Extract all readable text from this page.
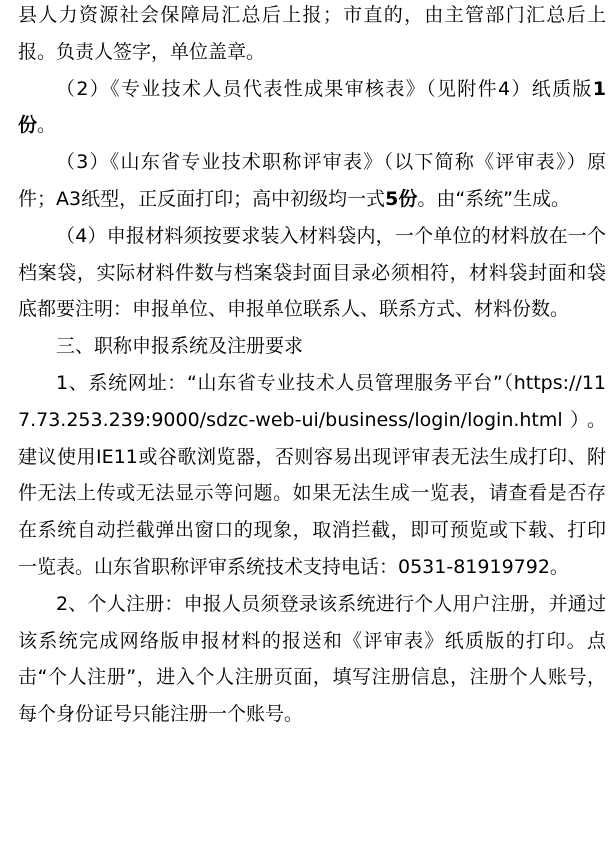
县人力资源社会保障局汇总后上报；市直的，由主管部门汇总后上报。负责人签字，单位盖章。

（2）《专业技术人员代表性成果审核表》（见附件4）纸质版1份。

（3）《山东省专业技术职称评审表》（以下简称《评审表》）原件；A3纸型，正反面打印；高中初级均一式5份。由“系统”生成。

（4）申报材料须按要求装入材料袋内，一个单位的材料放在一个档案袋，实际材料件数与档案袋封面目录必须相符，材料袋封面和袋底都要注明：申报单位、申报单位联系人、联系方式、材料份数。

三、职称申报系统及注册要求

1、系统网址：“山东省专业技术人员管理服务平台”（https://117.73.253.239:9000/sdzc-web-ui/business/login/login.html）。建议使用IE11或谷歌浏览器，否则容易出现评审表无法生成打印、附件无法上传或无法显示等问题。如果无法生成一览表，请查看是否存在系统自动拦截弹出窗口的现象，取消拦截，即可预览或下载、打印一览表。山东省职称评审系统技术支持电话：0531-81919792。

2、个人注册：申报人员须登录该系统进行个人用户注册，并通过该系统完成网络版申报材料的报送和《评审表》纸质版的打印。点击“个人注册”，进入个人注册页面，填写注册信息，注册个人账号，每个身份证号只能注册一个账号。
